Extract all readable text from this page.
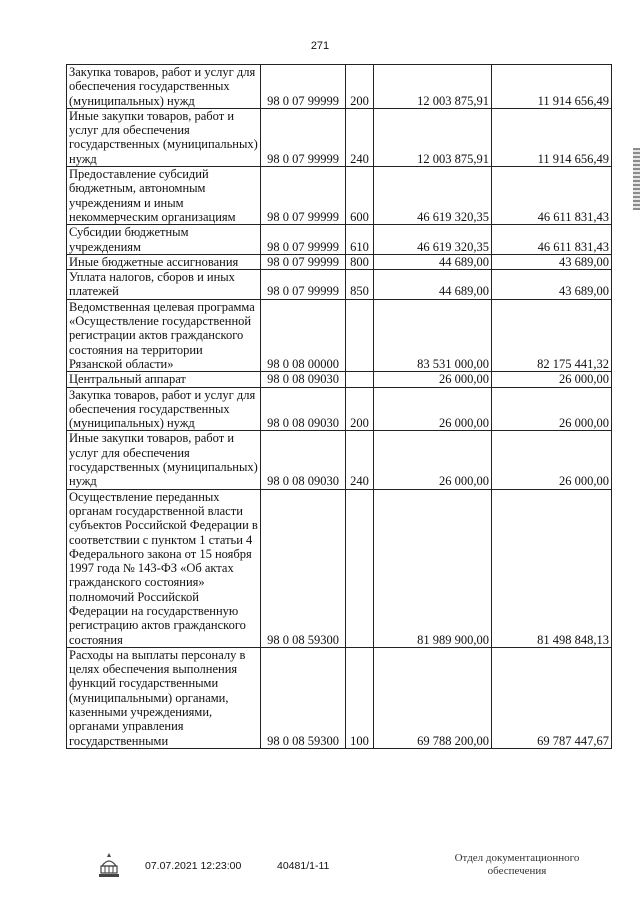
271
Закупка товаров, работ и услуг для обеспечения государственных (муниципальных) нужд	98 0 07 99999	200	12 003 875,91	11 914 656,49
Иные закупки товаров, работ и услуг для обеспечения государственных (муниципальных) нужд	98 0 07 99999	240	12 003 875,91	11 914 656,49
Предоставление субсидий бюджетным, автономным учреждениям и иным некоммерческим организациям	98 0 07 99999	600	46 619 320,35	46 611 831,43
Субсидии бюджетным учреждениям	98 0 07 99999	610	46 619 320,35	46 611 831,43
Иные бюджетные ассигнования	98 0 07 99999	800	44 689,00	43 689,00
Уплата налогов, сборов и иных платежей	98 0 07 99999	850	44 689,00	43 689,00
Ведомственная целевая программа «Осуществление государственной регистрации актов гражданского состояния на территории Рязанской области»	98 0 08 00000		83 531 000,00	82 175 441,32
Центральный аппарат	98 0 08 09030		26 000,00	26 000,00
Закупка товаров, работ и услуг для обеспечения государственных (муниципальных) нужд	98 0 08 09030	200	26 000,00	26 000,00
Иные закупки товаров, работ и услуг для обеспечения государственных (муниципальных) нужд	98 0 08 09030	240	26 000,00	26 000,00
Осуществление переданных органам государственной власти субъектов Российской Федерации в соответствии с пунктом 1 статьи 4 Федерального закона от 15 ноября 1997 года № 143-ФЗ «Об актах гражданского состояния» полномочий Российской Федерации на государственную регистрацию актов гражданского состояния	98 0 08 59300		81 989 900,00	81 498 848,13
Расходы на выплаты персоналу в целях обеспечения выполнения функций государственными (муниципальными) органами, казенными учреждениями, органами управления государственными	98 0 08 59300	100	69 788 200,00	69 787 447,67
07.07.2021 12:23:00	40481/1-11
Отдел документационного обеспечения
